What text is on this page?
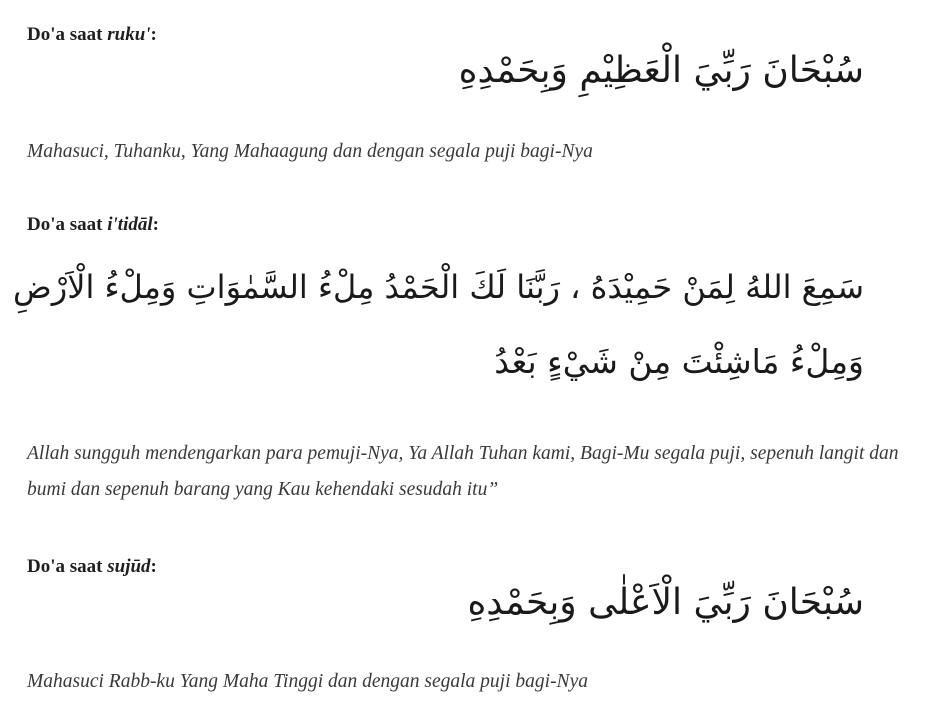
Do'a saat ruku':
سُبْحَانَ رَبِّيَ الْعَظِيْمِ وَبِحَمْدِهِ
Mahasuci, Tuhanku, Yang Mahaagung dan dengan segala puji bagi-Nya
Do'a saat i'tidāl:
سَمِعَ اللهُ لِمَنْ حَمِيْدَهُ ، رَبَّنَا لَكَ الْحَمْدُ مِلْءُ السَّمٰوَاتِ وَمِلْءُ الْاَرْضِ
وَمِلْءُ مَاشِئْتَ مِنْ شَيْءٍ بَعْدُ
Allah sungguh mendengarkan para pemuji-Nya, Ya Allah Tuhan kami, Bagi-Mu segala puji, sepenuh langit dan bumi dan sepenuh barang yang Kau kehendaki sesudah itu”
Do'a saat sujūd:
سُبْحَانَ رَبِّيَ الْاَعْلٰى وَبِحَمْدِهِ
Mahasuci Rabb-ku Yang Maha Tinggi dan dengan segala puji bagi-Nya
